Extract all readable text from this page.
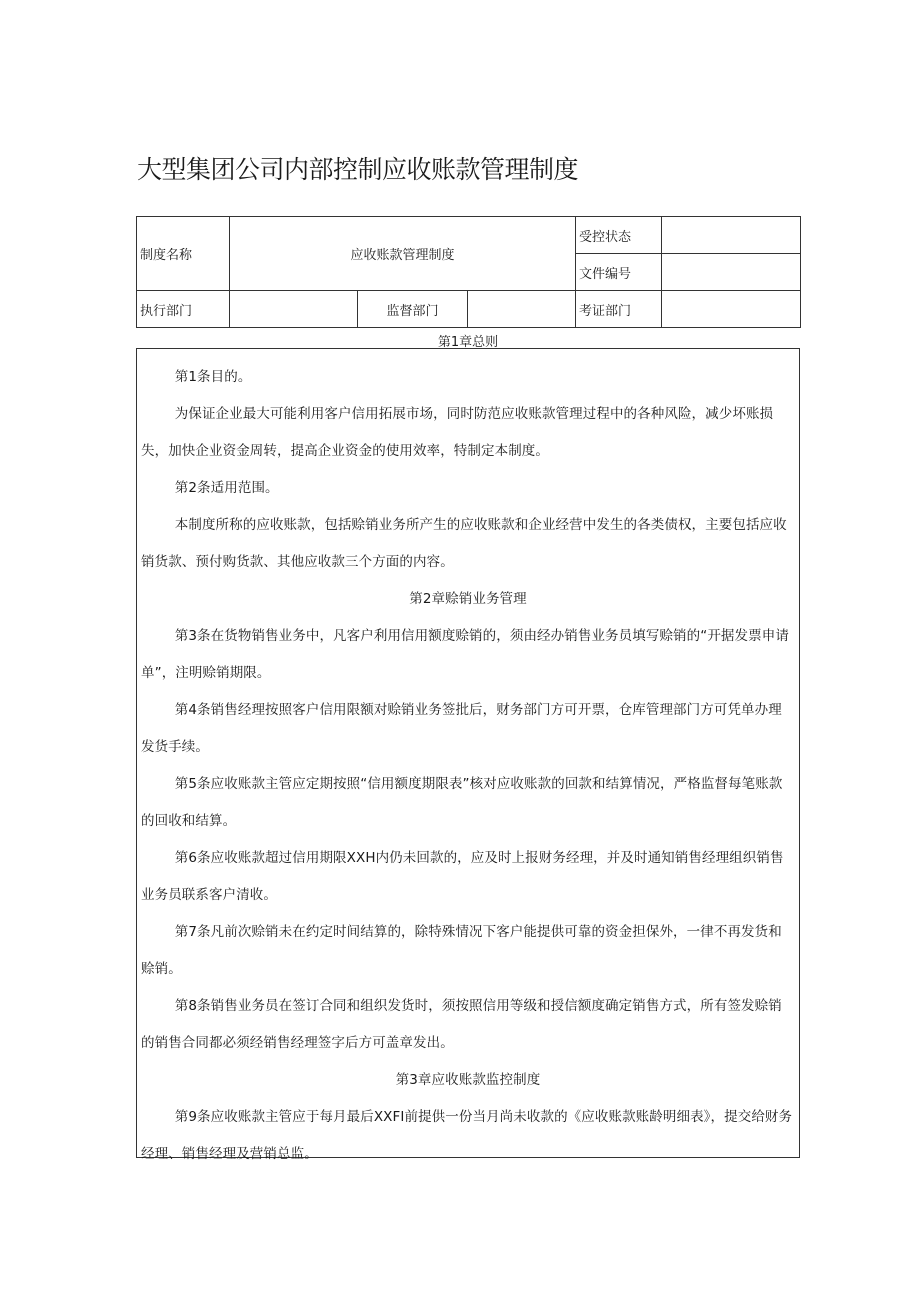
大型集团公司内部控制应收账款管理制度
制度名称	应收账款管理制度			受控状态	
				文件编号	
执行部门		监督部门		考证部门	

第1章总则

第1条目的。

为保证企业最大可能利用客户信用拓展市场，同时防范应收账款管理过程中的各种风险，减少坏账损失，加快企业资金周转，提高企业资金的使用效率，特制定本制度。

第2条适用范围。

本制度所称的应收账款，包括赊销业务所产生的应收账款和企业经营中发生的各类债权，主要包括应收销货款、预付购货款、其他应收款三个方面的内容。

第2章赊销业务管理

第3条在货物销售业务中，凡客户利用信用额度赊销的，须由经办销售业务员填写赊销的“开据发票申请单”，注明赊销期限。

第4条销售经理按照客户信用限额对赊销业务签批后，财务部门方可开票，仓库管理部门方可凭单办理发货手续。

第5条应收账款主管应定期按照“信用额度期限表”核对应收账款的回款和结算情况，严格监督每笔账款的回收和结算。

第6条应收账款超过信用期限XXH内仍未回款的，应及时上报财务经理，并及时通知销售经理组织销售业务员联系客户清收。

第7条凡前次赊销未在约定时间结算的，除特殊情况下客户能提供可靠的资金担保外，一律不再发货和赊销。

第8条销售业务员在签订合同和组织发货时，须按照信用等级和授信额度确定销售方式，所有签发赊销的销售合同都必须经销售经理签字后方可盖章发出。

第3章应收账款监控制度

第9条应收账款主管应于每月最后XXFI前提供一份当月尚未收款的《应收账款账龄明细表》，提交给财务经理、销售经理及营销总监。
